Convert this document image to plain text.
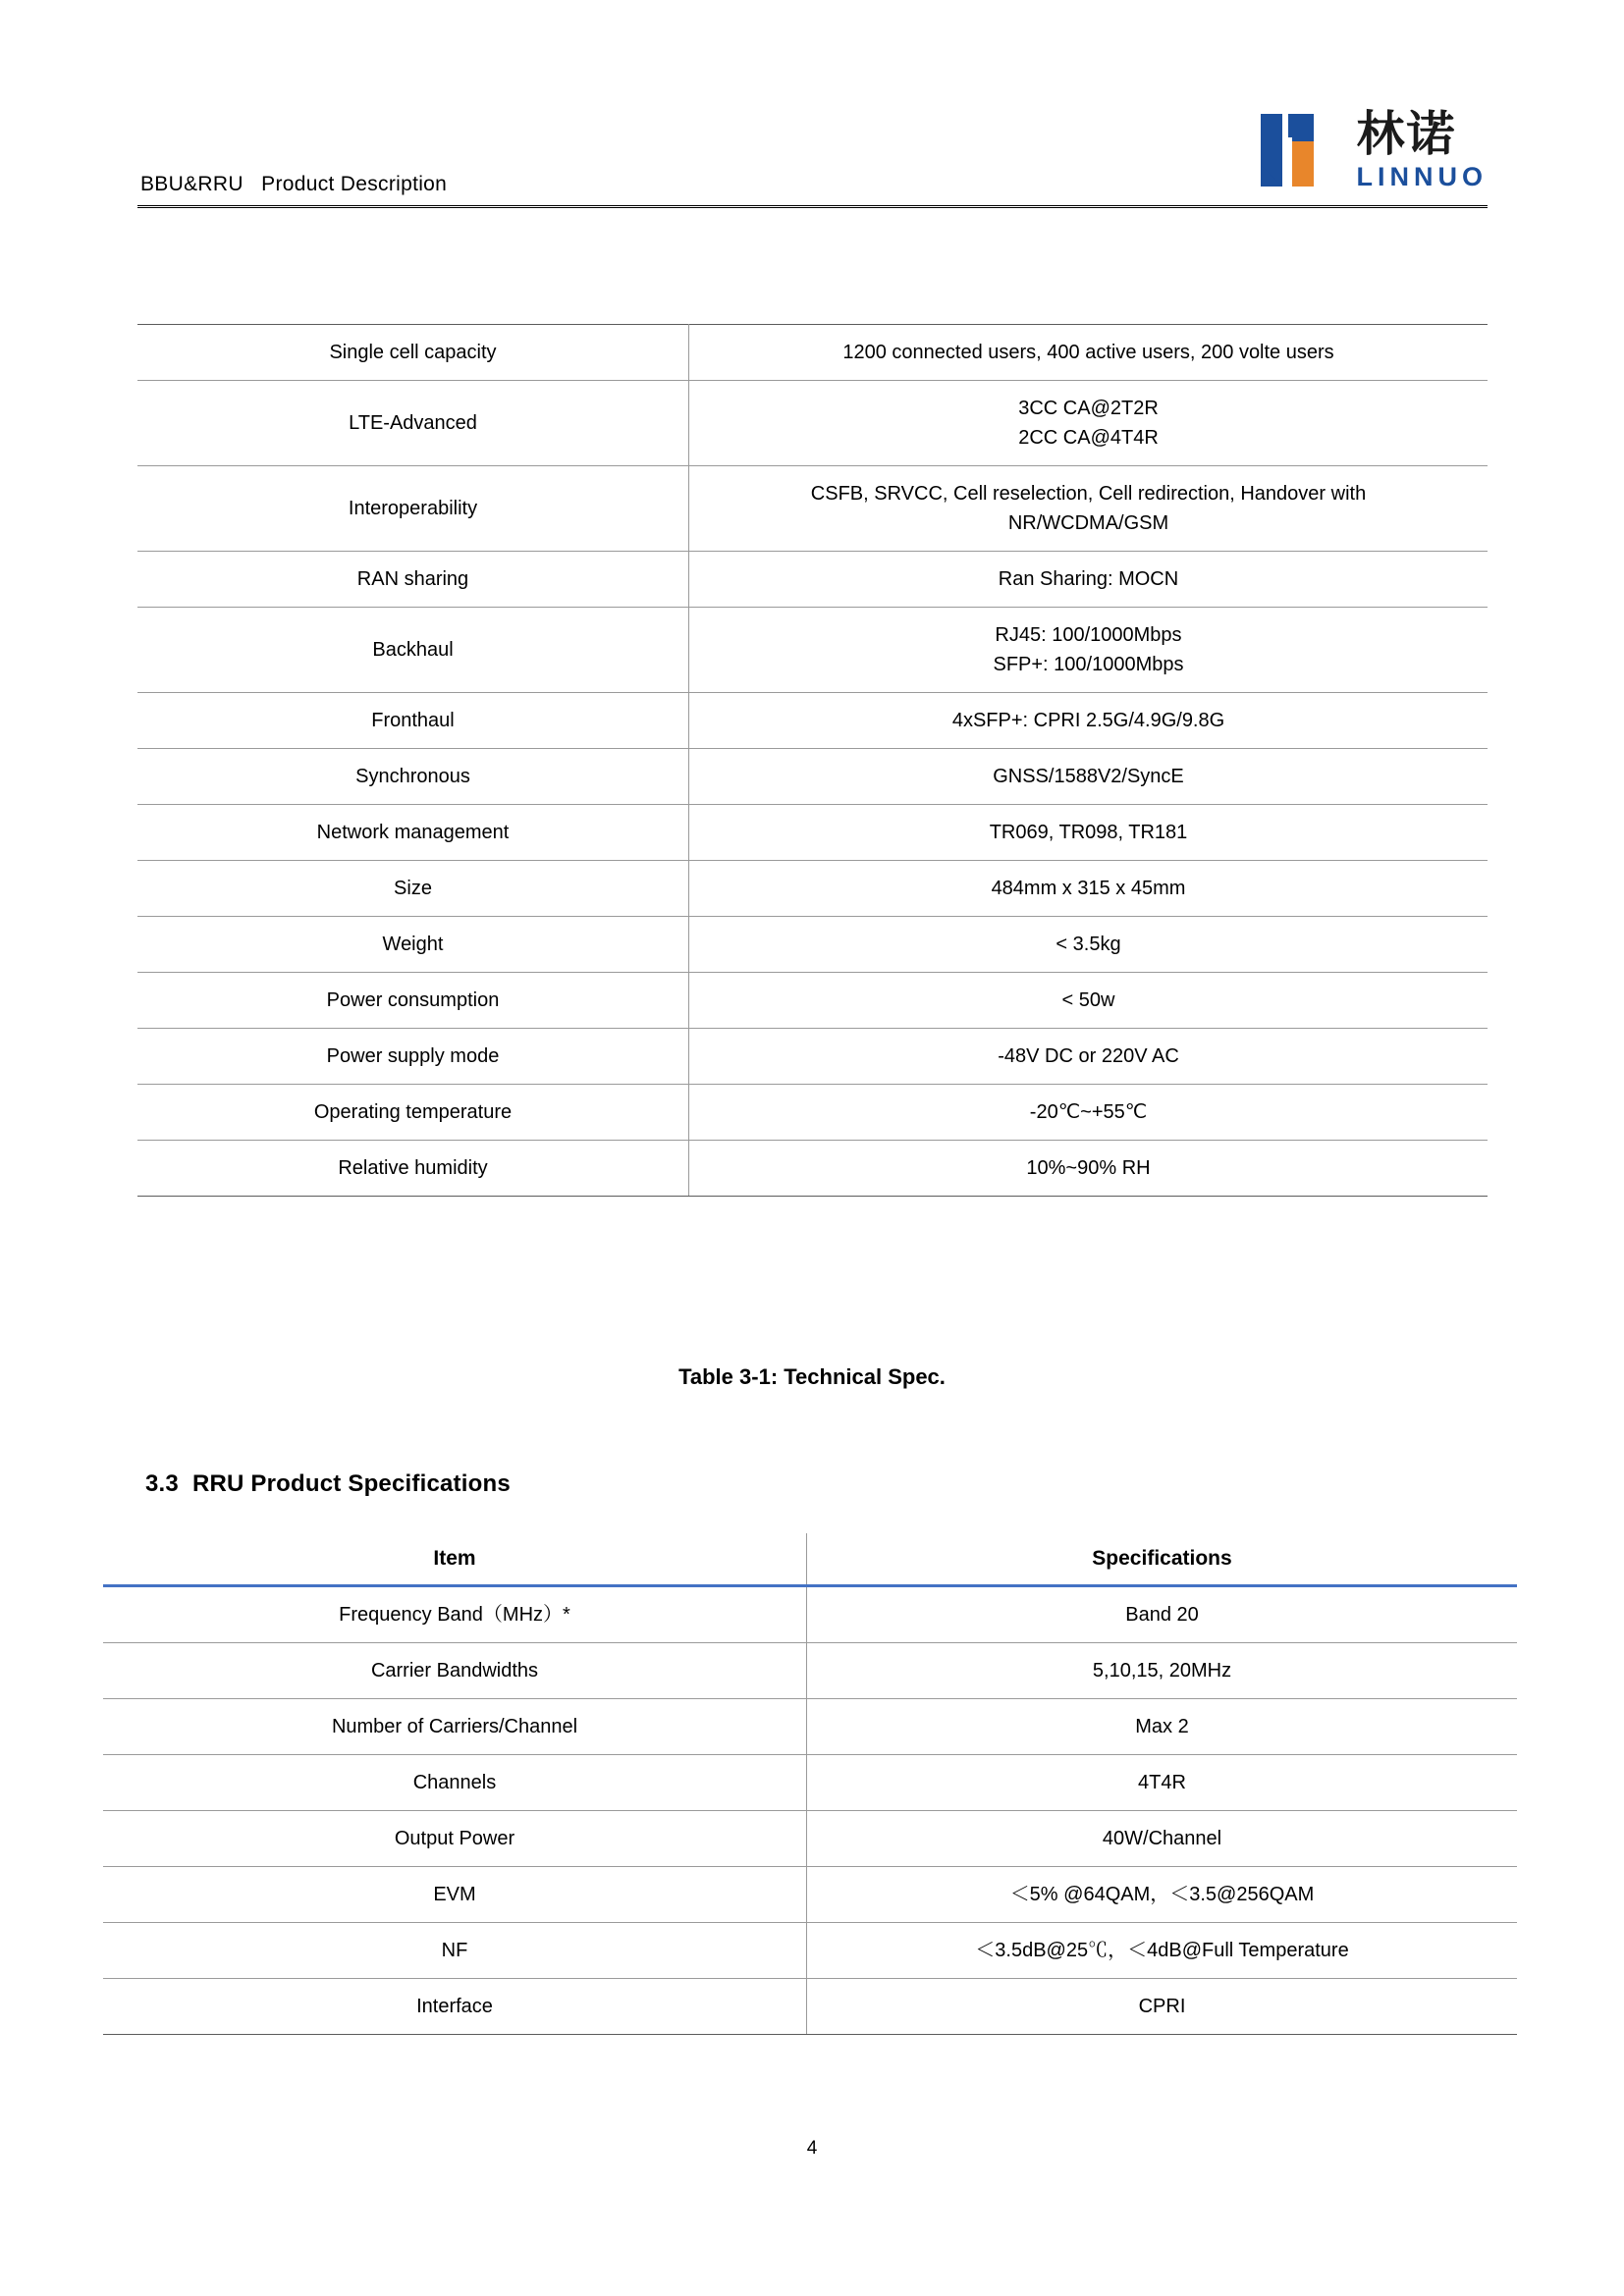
BBU&RRU   Product Description
林诺
LINNUO
Single cell capacity	1200 connected users, 400 active users, 200 volte users
LTE-Advanced	3CC CA@2T2R
2CC CA@4T4R
Interoperability	CSFB, SRVCC, Cell reselection, Cell redirection, Handover with
NR/WCDMA/GSM
RAN sharing	Ran Sharing: MOCN
Backhaul	RJ45: 100/1000Mbps
SFP+: 100/1000Mbps
Fronthaul	4xSFP+: CPRI 2.5G/4.9G/9.8G
Synchronous	GNSS/1588V2/SyncE
Network management	TR069, TR098, TR181
Size	484mm x 315 x 45mm
Weight	< 3.5kg
Power consumption	< 50w
Power supply mode	-48V DC or 220V AC
Operating temperature	-20℃~+55℃
Relative humidity	10%~90% RH
Table 3-1: Technical Spec.
3.3 RRU Product Specifications
Item	Specifications
Frequency Band（MHz）*	Band 20
Carrier Bandwidths	5,10,15, 20MHz
Number of Carriers/Channel	Max 2
Channels	4T4R
Output Power	40W/Channel
EVM	＜5% @64QAM，＜3.5@256QAM
NF	＜3.5dB@25℃，＜4dB@Full Temperature
Interface	CPRI
4
